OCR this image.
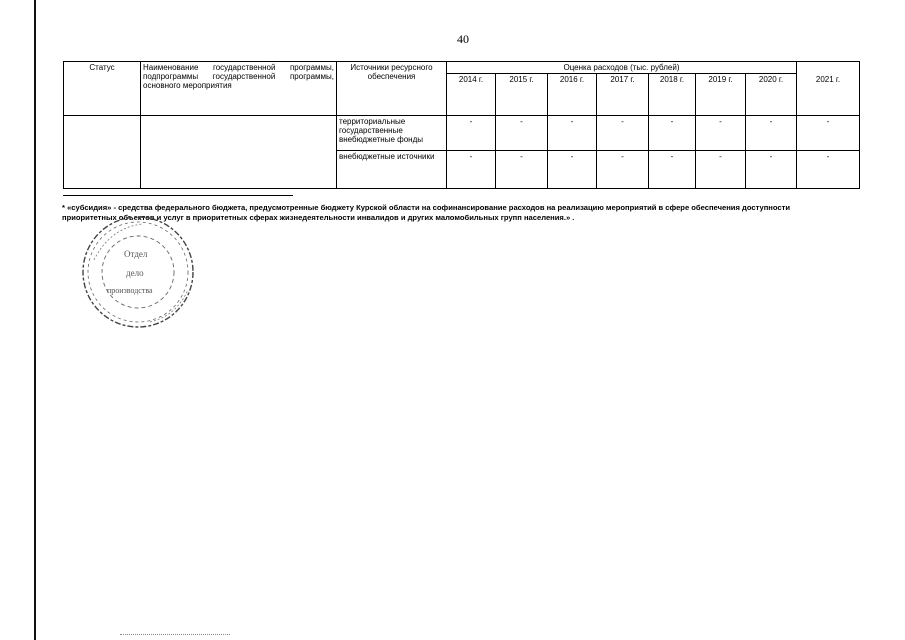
40
Статус	Наименование государственной программы, подпрограммы государственной программы, основного мероприятия	Источники ресурсного обеспечения	Оценка расходов (тыс. рублей)							
			2014 г.	2015 г.	2016 г.	2017 г.	2018 г.	2019 г.	2020 г.	2021 г.
		территориальные государственные внебюджетные фонды	-	-	-	-	-	-	-	-
		внебюджетные источники	-	-	-	-	-	-	-	-
* «субсидия» - средства федерального бюджета, предусмотренные бюджету Курской области на софинансирование расходов на реализацию мероприятий в сфере обеспечения доступности приоритетных объектов и услуг в приоритетных сферах жизнедеятельности инвалидов и других маломобильных групп населения.» .
Отдел
дело
производства
